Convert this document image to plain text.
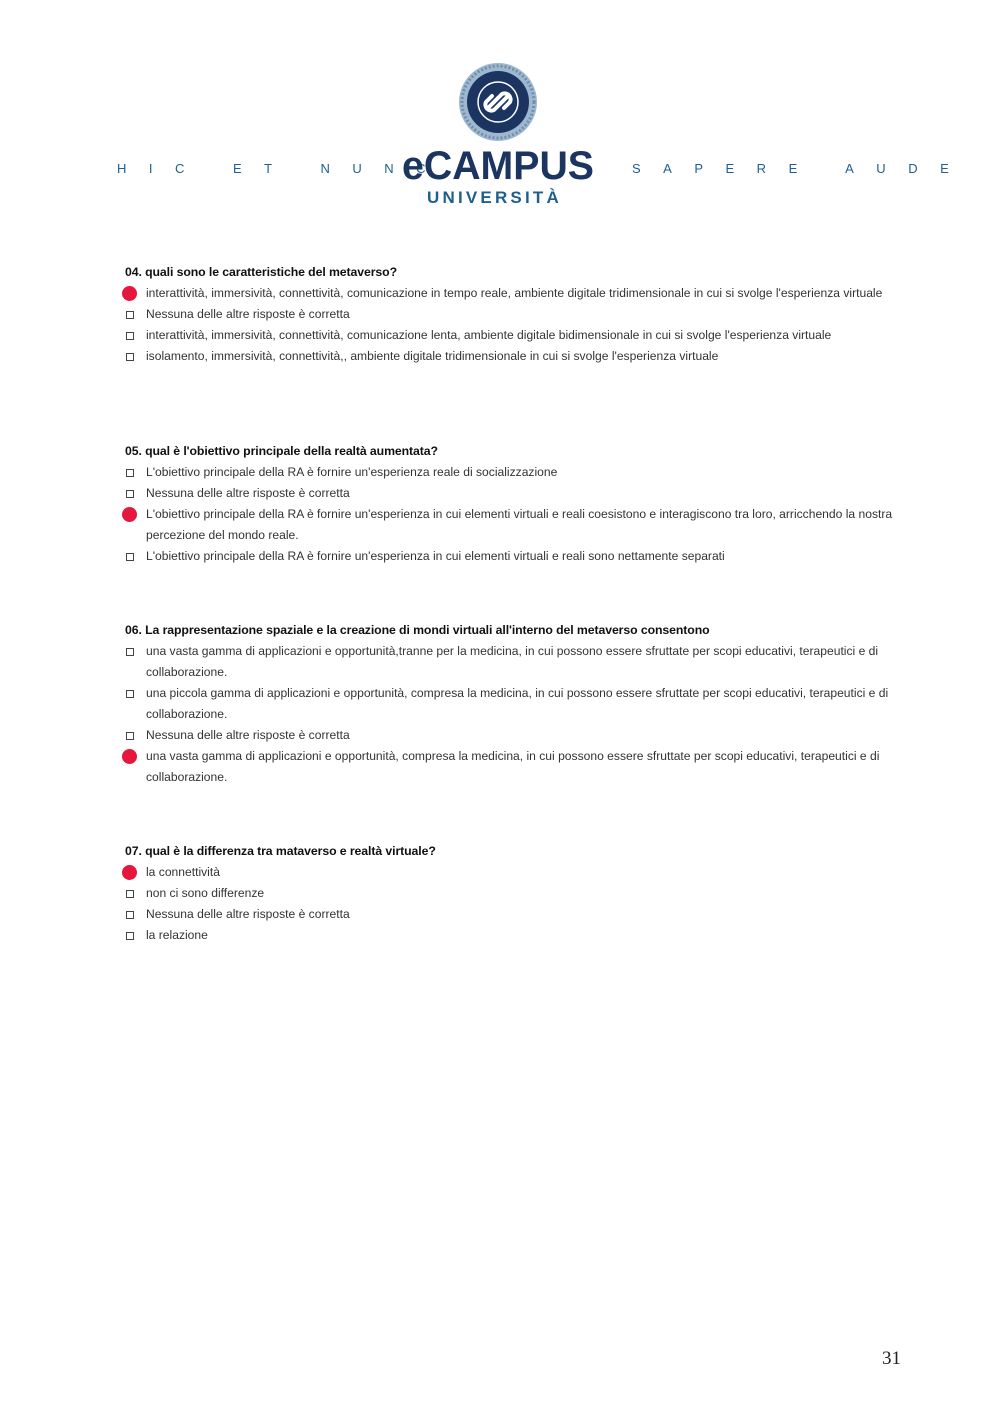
HIC ET NUNC
eCAMPUS
UNIVERSITÀ
SAPERE AUDE
04. quali sono le caratteristiche del metaverso?
interattività, immersività, connettività, comunicazione in tempo reale, ambiente digitale tridimensionale in cui si svolge l'esperienza virtuale
Nessuna delle altre risposte è corretta
interattività, immersività, connettività, comunicazione lenta, ambiente digitale bidimensionale in cui si svolge l'esperienza virtuale
isolamento, immersività, connettività,, ambiente digitale tridimensionale in cui si svolge l'esperienza virtuale
05. qual è l'obiettivo principale della realtà aumentata?
L'obiettivo principale della RA è fornire un'esperienza reale di socializzazione
Nessuna delle altre risposte è corretta
L'obiettivo principale della RA è fornire un'esperienza in cui elementi virtuali e reali coesistono e interagiscono tra loro, arricchendo la nostra percezione del mondo reale.
L'obiettivo principale della RA è fornire un'esperienza in cui elementi virtuali e reali sono nettamente separati
06. La rappresentazione spaziale e la creazione di mondi virtuali all'interno del metaverso consentono
una vasta gamma di applicazioni e opportunità,tranne per la medicina, in cui possono essere sfruttate per scopi educativi, terapeutici e di collaborazione.
una piccola gamma di applicazioni e opportunità, compresa la medicina, in cui possono essere sfruttate per scopi educativi, terapeutici e di collaborazione.
Nessuna delle altre risposte è corretta
una vasta gamma di applicazioni e opportunità, compresa la medicina, in cui possono essere sfruttate per scopi educativi, terapeutici e di collaborazione.
07. qual è la differenza tra mataverso e realtà virtuale?
la connettività
non ci sono differenze
Nessuna delle altre risposte è corretta
la relazione
31
